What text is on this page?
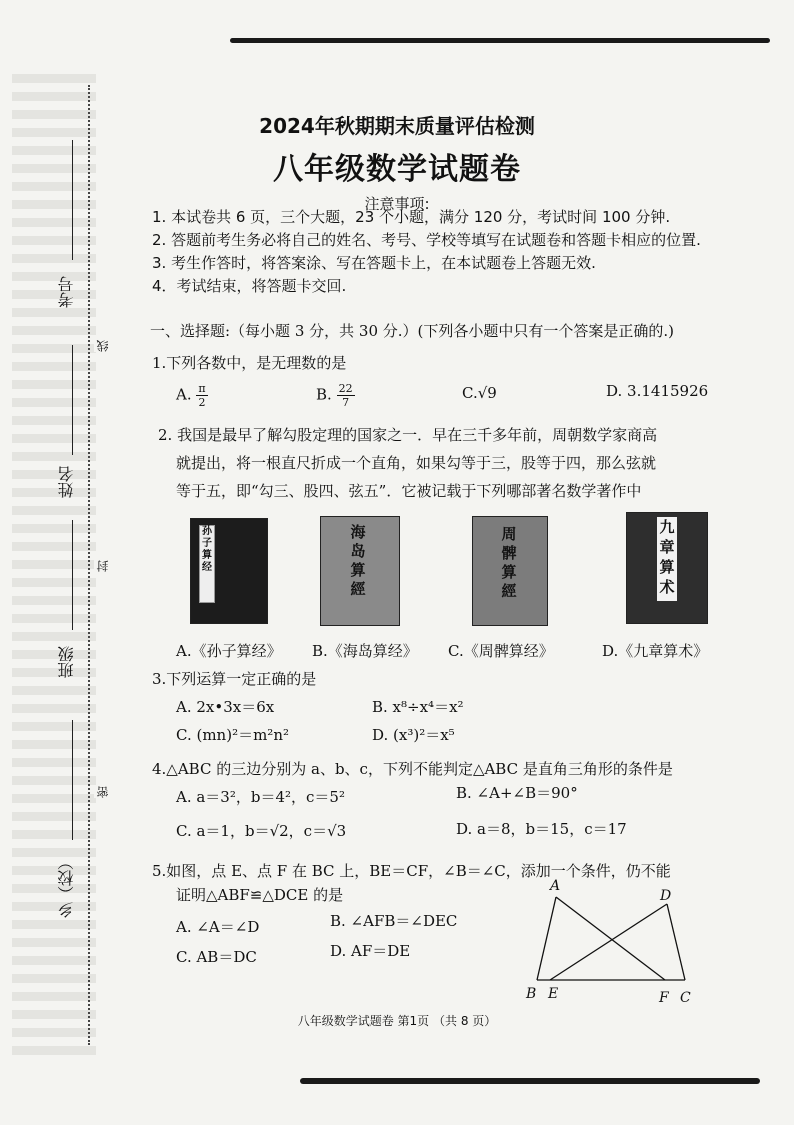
考号
姓名
班级
乡（校）
线
封
密
2024年秋期期末质量评估检测
八年级数学试题卷
注意事项:
1. 本试卷共 6 页，三个大题，23 个小题，满分 120 分，考试时间 100 分钟.
2. 答题前考生务必将自己的姓名、考号、学校等填写在试题卷和答题卡相应的位置.
3. 考生作答时，将答案涂、写在答题卡上，在本试题卷上答题无效.
4．考试结束，将答题卡交回.
一、选择题:（每小题 3 分，共 30 分.）(下列各小题中只有一个答案是正确的.)
1.下列各数中，是无理数的是
A. $\frac{\pi}{2}$	B. $\frac{22}{7}$	C.√9	D. 3.1415926
2. 我国是最早了解勾股定理的国家之一．早在三千多年前，周朝数学家商高
就提出，将一根直尺折成一个直角，如果勾等于三，股等于四，那么弦就
等于五，即“勾三、股四、弦五”．它被记载于下列哪部著名数学著作中
孙子算经
海岛算經
周髀算經
九章算术
A.《孙子算经》 B.《海岛算经》 C.《周髀算经》	D.《九章算术》
3.下列运算一定正确的是
A. 2x•3x＝6x	B. x⁸÷x⁴＝x²
C. (mn)²＝m²n²	D. (x³)²＝x⁵
4.△ABC 的三边分别为 a、b、c，下列不能判定△ABC 是直角三角形的条件是
A. a＝3²，b＝4²，c＝5²	B. ∠A+∠B＝90°
C. a＝1，b＝√2，c＝√3	D. a＝8，b＝15，c＝17
5.如图，点 E、点 F 在 BC 上，BE＝CF，∠B＝∠C，添加一个条件，仍不能
证明△ABF≌△DCE 的是
A. ∠A＝∠D	B. ∠AFB＝∠DEC
C. AB＝DC	D. AF＝DE
A
D
B E	F C
八年级数学试题卷 第1页 （共 8 页）
